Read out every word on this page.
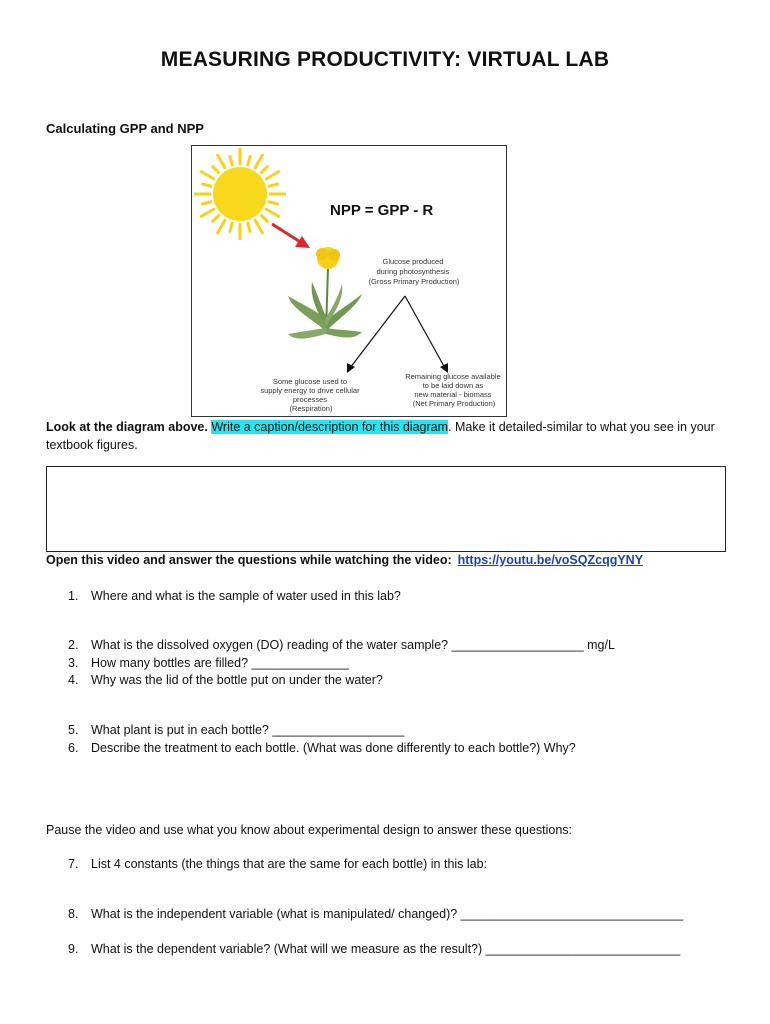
MEASURING PRODUCTIVITY: VIRTUAL LAB
Calculating GPP and NPP
NPP = GPP - R
Glucose produced during photosynthesis (Gross Primary Production)
Some glucose used to supply energy to drive cellular processes (Respiration)
Remaining glucose available to be laid down as new material - biomass (Net Primary Production)
Look at the diagram above. Write a caption/description for this diagram. Make it detailed-similar to what you see in your textbook figures.
Open this video and answer the questions while watching the video: https://youtu.be/voSQZcqgYNY
1. Where and what is the sample of water used in this lab?
2. What is the dissolved oxygen (DO) reading of the water sample? ___________________ mg/L
3. How many bottles are filled? ______________
4. Why was the lid of the bottle put on under the water?
5. What plant is put in each bottle? ___________________
6. Describe the treatment to each bottle. (What was done differently to each bottle?) Why?
Pause the video and use what you know about experimental design to answer these questions:
7. List 4 constants (the things that are the same for each bottle) in this lab:
8. What is the independent variable (what is manipulated/ changed)? ________________________________
9. What is the dependent variable? (What will we measure as the result?) ____________________________
